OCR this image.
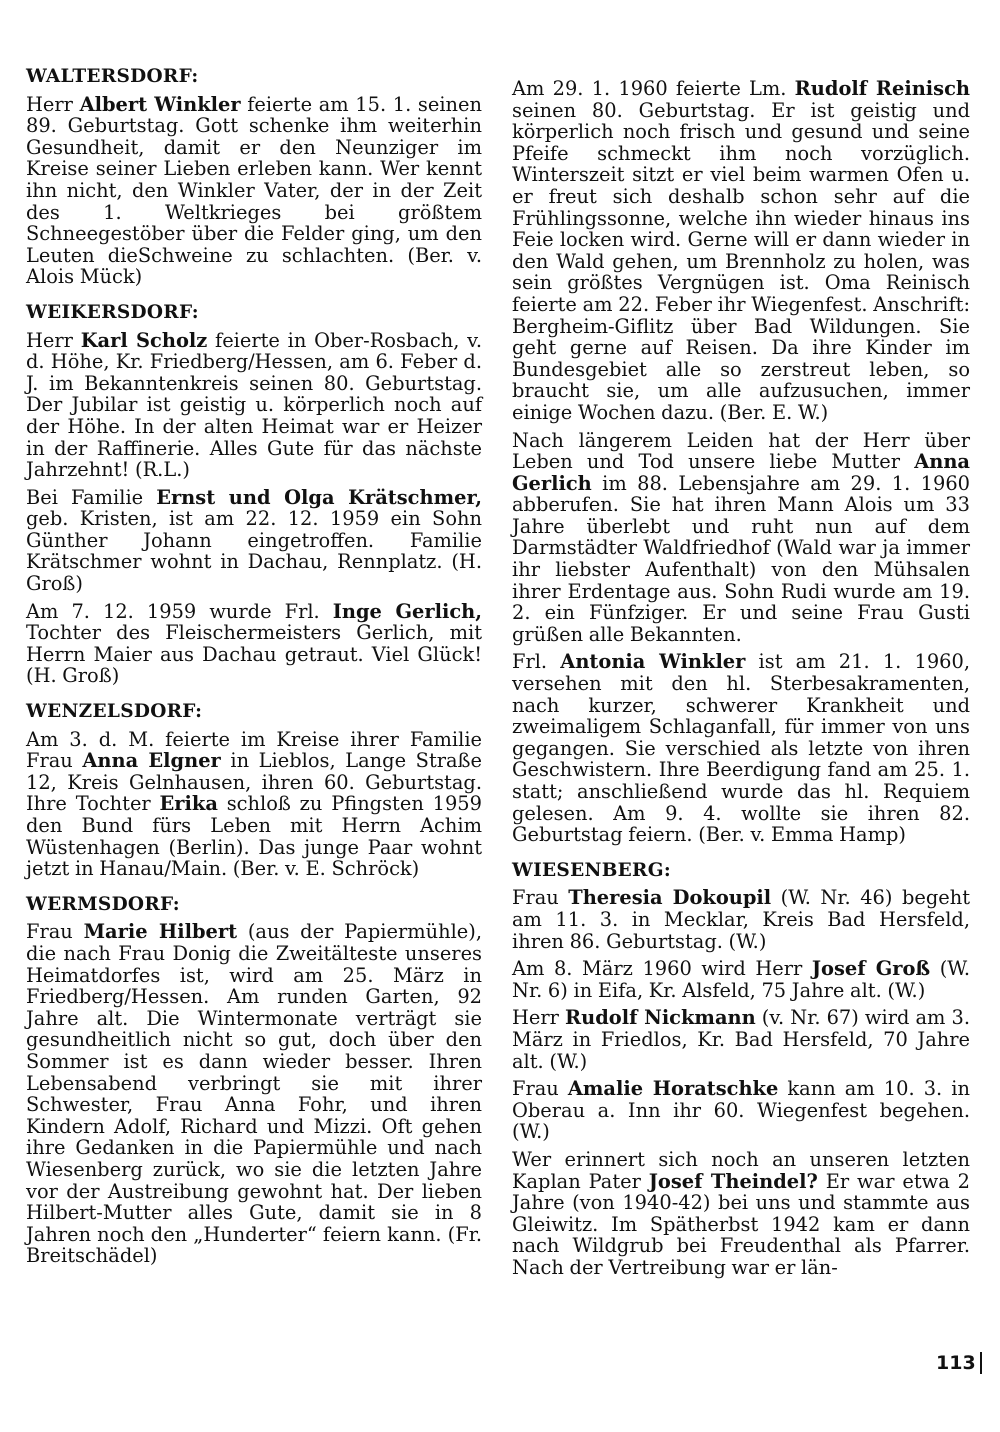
WALTERSDORF:

Herr Albert Winkler feierte am 15. 1. seinen 89. Geburtstag. Gott schenke ihm weiterhin Gesundheit, damit er den Neunziger im Kreise seiner Lieben erleben kann. Wer kennt ihn nicht, den Winkler Vater, der in der Zeit des 1. Weltkrieges bei größtem Schneegestöber über die Felder ging, um den Leuten dieSchweine zu schlachten. (Ber. v. Alois Mück)

WEIKERSDORF:

Herr Karl Scholz feierte in Ober-Rosbach, v. d. Höhe, Kr. Friedberg/Hessen, am 6. Feber d. J. im Bekanntenkreis seinen 80. Geburtstag. Der Jubilar ist geistig u. körperlich noch auf der Höhe. In der alten Heimat war er Heizer in der Raffinerie. Alles Gute für das nächste Jahrzehnt! (R.L.)

Bei Familie Ernst und Olga Krätschmer, geb. Kristen, ist am 22. 12. 1959 ein Sohn Günther Johann eingetroffen. Familie Krätschmer wohnt in Dachau, Rennplatz. (H. Groß)

Am 7. 12. 1959 wurde Frl. Inge Gerlich, Tochter des Fleischermeisters Gerlich, mit Herrn Maier aus Dachau getraut. Viel Glück! (H. Groß)

WENZELSDORF:

Am 3. d. M. feierte im Kreise ihrer Familie Frau Anna Elgner in Lieblos, Lange Straße 12, Kreis Gelnhausen, ihren 60. Geburtstag. Ihre Tochter Erika schloß zu Pfingsten 1959 den Bund fürs Leben mit Herrn Achim Wüstenhagen (Berlin). Das junge Paar wohnt jetzt in Hanau/Main. (Ber. v. E. Schröck)

WERMSDORF:

Frau Marie Hilbert (aus der Papiermühle), die nach Frau Donig die Zweitälteste unseres Heimatdorfes ist, wird am 25. März in Friedberg/Hessen. Am runden Garten, 92 Jahre alt. Die Wintermonate verträgt sie gesundheitlich nicht so gut, doch über den Sommer ist es dann wieder besser. Ihren Lebensabend verbringt sie mit ihrer Schwester, Frau Anna Fohr, und ihren Kindern Adolf, Richard und Mizzi. Oft gehen ihre Gedanken in die Papiermühle und nach Wiesenberg zurück, wo sie die letzten Jahre vor der Austreibung gewohnt hat. Der lieben Hilbert-Mutter alles Gute, damit sie in 8 Jahren noch den „Hunderter“ feiern kann. (Fr. Breitschädel)

Am 29. 1. 1960 feierte Lm. Rudolf Reinisch seinen 80. Geburtstag. Er ist geistig und körperlich noch frisch und gesund und seine Pfeife schmeckt ihm noch vorzüglich. Winterszeit sitzt er viel beim warmen Ofen u. er freut sich deshalb schon sehr auf die Frühlingssonne, welche ihn wieder hinaus ins Feie locken wird. Gerne will er dann wieder in den Wald gehen, um Brennholz zu holen, was sein größtes Vergnügen ist. Oma Reinisch feierte am 22. Feber ihr Wiegenfest. Anschrift: Bergheim-Giflitz über Bad Wildungen. Sie geht gerne auf Reisen. Da ihre Kinder im Bundesgebiet alle so zerstreut leben, so braucht sie, um alle aufzusuchen, immer einige Wochen dazu. (Ber. E. W.)

Nach längerem Leiden hat der Herr über Leben und Tod unsere liebe Mutter Anna Gerlich im 88. Lebensjahre am 29. 1. 1960 abberufen. Sie hat ihren Mann Alois um 33 Jahre überlebt und ruht nun auf dem Darmstädter Waldfriedhof (Wald war ja immer ihr liebster Aufenthalt) von den Mühsalen ihrer Erdentage aus. Sohn Rudi wurde am 19. 2. ein Fünfziger. Er und seine Frau Gusti grüßen alle Bekannten.

Frl. Antonia Winkler ist am 21. 1. 1960, versehen mit den hl. Sterbesakramenten, nach kurzer, schwerer Krankheit und zweimaligem Schlaganfall, für immer von uns gegangen. Sie verschied als letzte von ihren Geschwistern. Ihre Beerdigung fand am 25. 1. statt; anschließend wurde das hl. Requiem gelesen. Am 9. 4. wollte sie ihren 82. Geburtstag feiern. (Ber. v. Emma Hamp)

WIESENBERG:

Frau Theresia Dokoupil (W. Nr. 46) begeht am 11. 3. in Mecklar, Kreis Bad Hersfeld, ihren 86. Geburtstag. (W.)

Am 8. März 1960 wird Herr Josef Groß (W. Nr. 6) in Eifa, Kr. Alsfeld, 75 Jahre alt. (W.)

Herr Rudolf Nickmann (v. Nr. 67) wird am 3. März in Friedlos, Kr. Bad Hersfeld, 70 Jahre alt. (W.)

Frau Amalie Horatschke kann am 10. 3. in Oberau a. Inn ihr 60. Wiegenfest begehen. (W.)

Wer erinnert sich noch an unseren letzten Kaplan Pater Josef Theindel? Er war etwa 2 Jahre (von 1940-42) bei uns und stammte aus Gleiwitz. Im Spätherbst 1942 kam er dann nach Wildgrub bei Freudenthal als Pfarrer. Nach der Vertreibung war er län-

113
